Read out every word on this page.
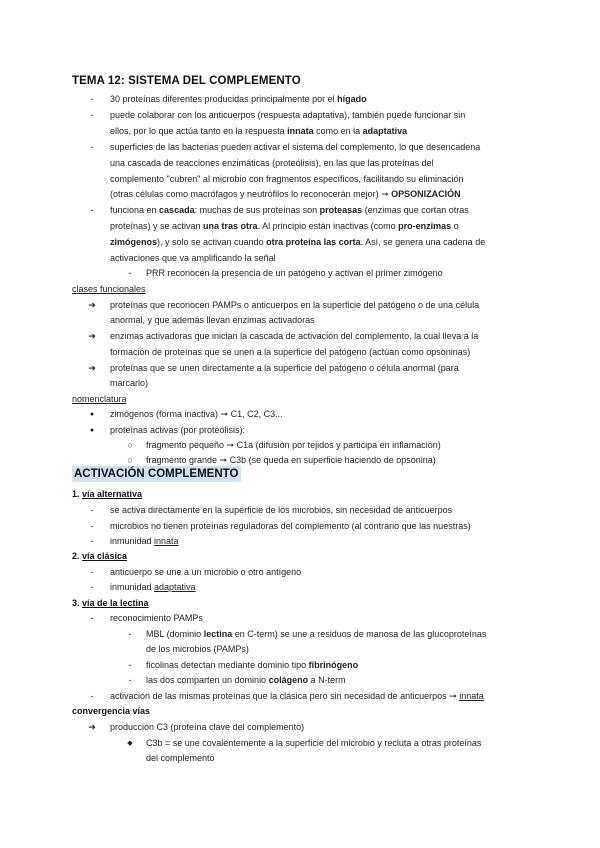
TEMA 12: SISTEMA DEL COMPLEMENTO
-	30 proteínas diferentes producidas principalmente por el hígado
-	puede colaborar con los anticuerpos (respuesta adaptativa), también puede funcionar sin
ellos, por lo que actúa tanto en la respuesta innata como en la adaptativa
-	superficies de las bacterias pueden activar el sistema del complemento, lo que desencadena
una cascada de reacciones enzimáticas (proteólisis), en las que las proteínas del
complemento "cubren" al microbio con fragmentos específicos, facilitando su eliminación
(otras células como macrófagos y neutrófilos lo reconocerán mejor) ➞ OPSONIZACIÓN
-	funciona en cascada: muchas de sus proteínas son proteasas (enzimas que cortan otras
proteínas) y se activan una tras otra. Al principio están inactivas (como pro-enzimas o
zimógenos), y solo se activan cuando otra proteína las corta. Así, se genera una cadena de
activaciones que va amplificando la señal
-	PRR reconocen la presencia de un patógeno y activan el primer zimógeno
clases funcionales
➔ proteínas que reconocen PAMPs o anticuerpos en la superficie del patógeno o de una célula
anormal, y que además llevan enzimas activadoras
➔ enzimas activadoras que inician la cascada de activación del complemento, la cual lleva a la
formación de proteínas que se unen a la superficie del patógeno (actúan como opsoninas)
➔ proteínas que se unen directamente a la superficie del patógeno o célula anormal (para
marcarlo)
nomenclatura
●	zimógenos (forma inactiva) ➞ C1, C2, C3...
●	proteínas activas (por proteólisis):
○	fragmento pequeño ➞ C1a (difusión por tejidos y participa en inflamación)
○	fragmento grande ➞ C3b (se queda en superficie haciendo de opsonina)
ACTIVACIÓN COMPLEMENTO
1. vía alternativa
-	se activa directamente en la superficie de los microbios, sin necesidad de anticuerpos
-	microbios no tienen proteínas reguladoras del complemento (al contrario que las nuestras)
-	inmunidad innata
2. vía clásica
-	anticuerpo se une a un microbio o otro antígeno
-	inmunidad adaptativa
3. vía de la lectina
-	reconocimiento PAMPs
-	MBL (dominio lectina en C-term) se une a residuos de manosa de las glucoproteínas
de los microbios (PAMPs)
-	ficolinas detectan mediante dominio tipo fibrinógeno
-	las dos comparten un dominio colágeno a N-term
-	activación de las mismas proteínas que la clásica pero sin necesidad de anticuerpos ➞ innata
convergencia vías
➔ producción C3 (proteína clave del complemento)
◆	C3b = se une covalentemente a la superficie del microbio y recluta a otras proteínas
del complemento
